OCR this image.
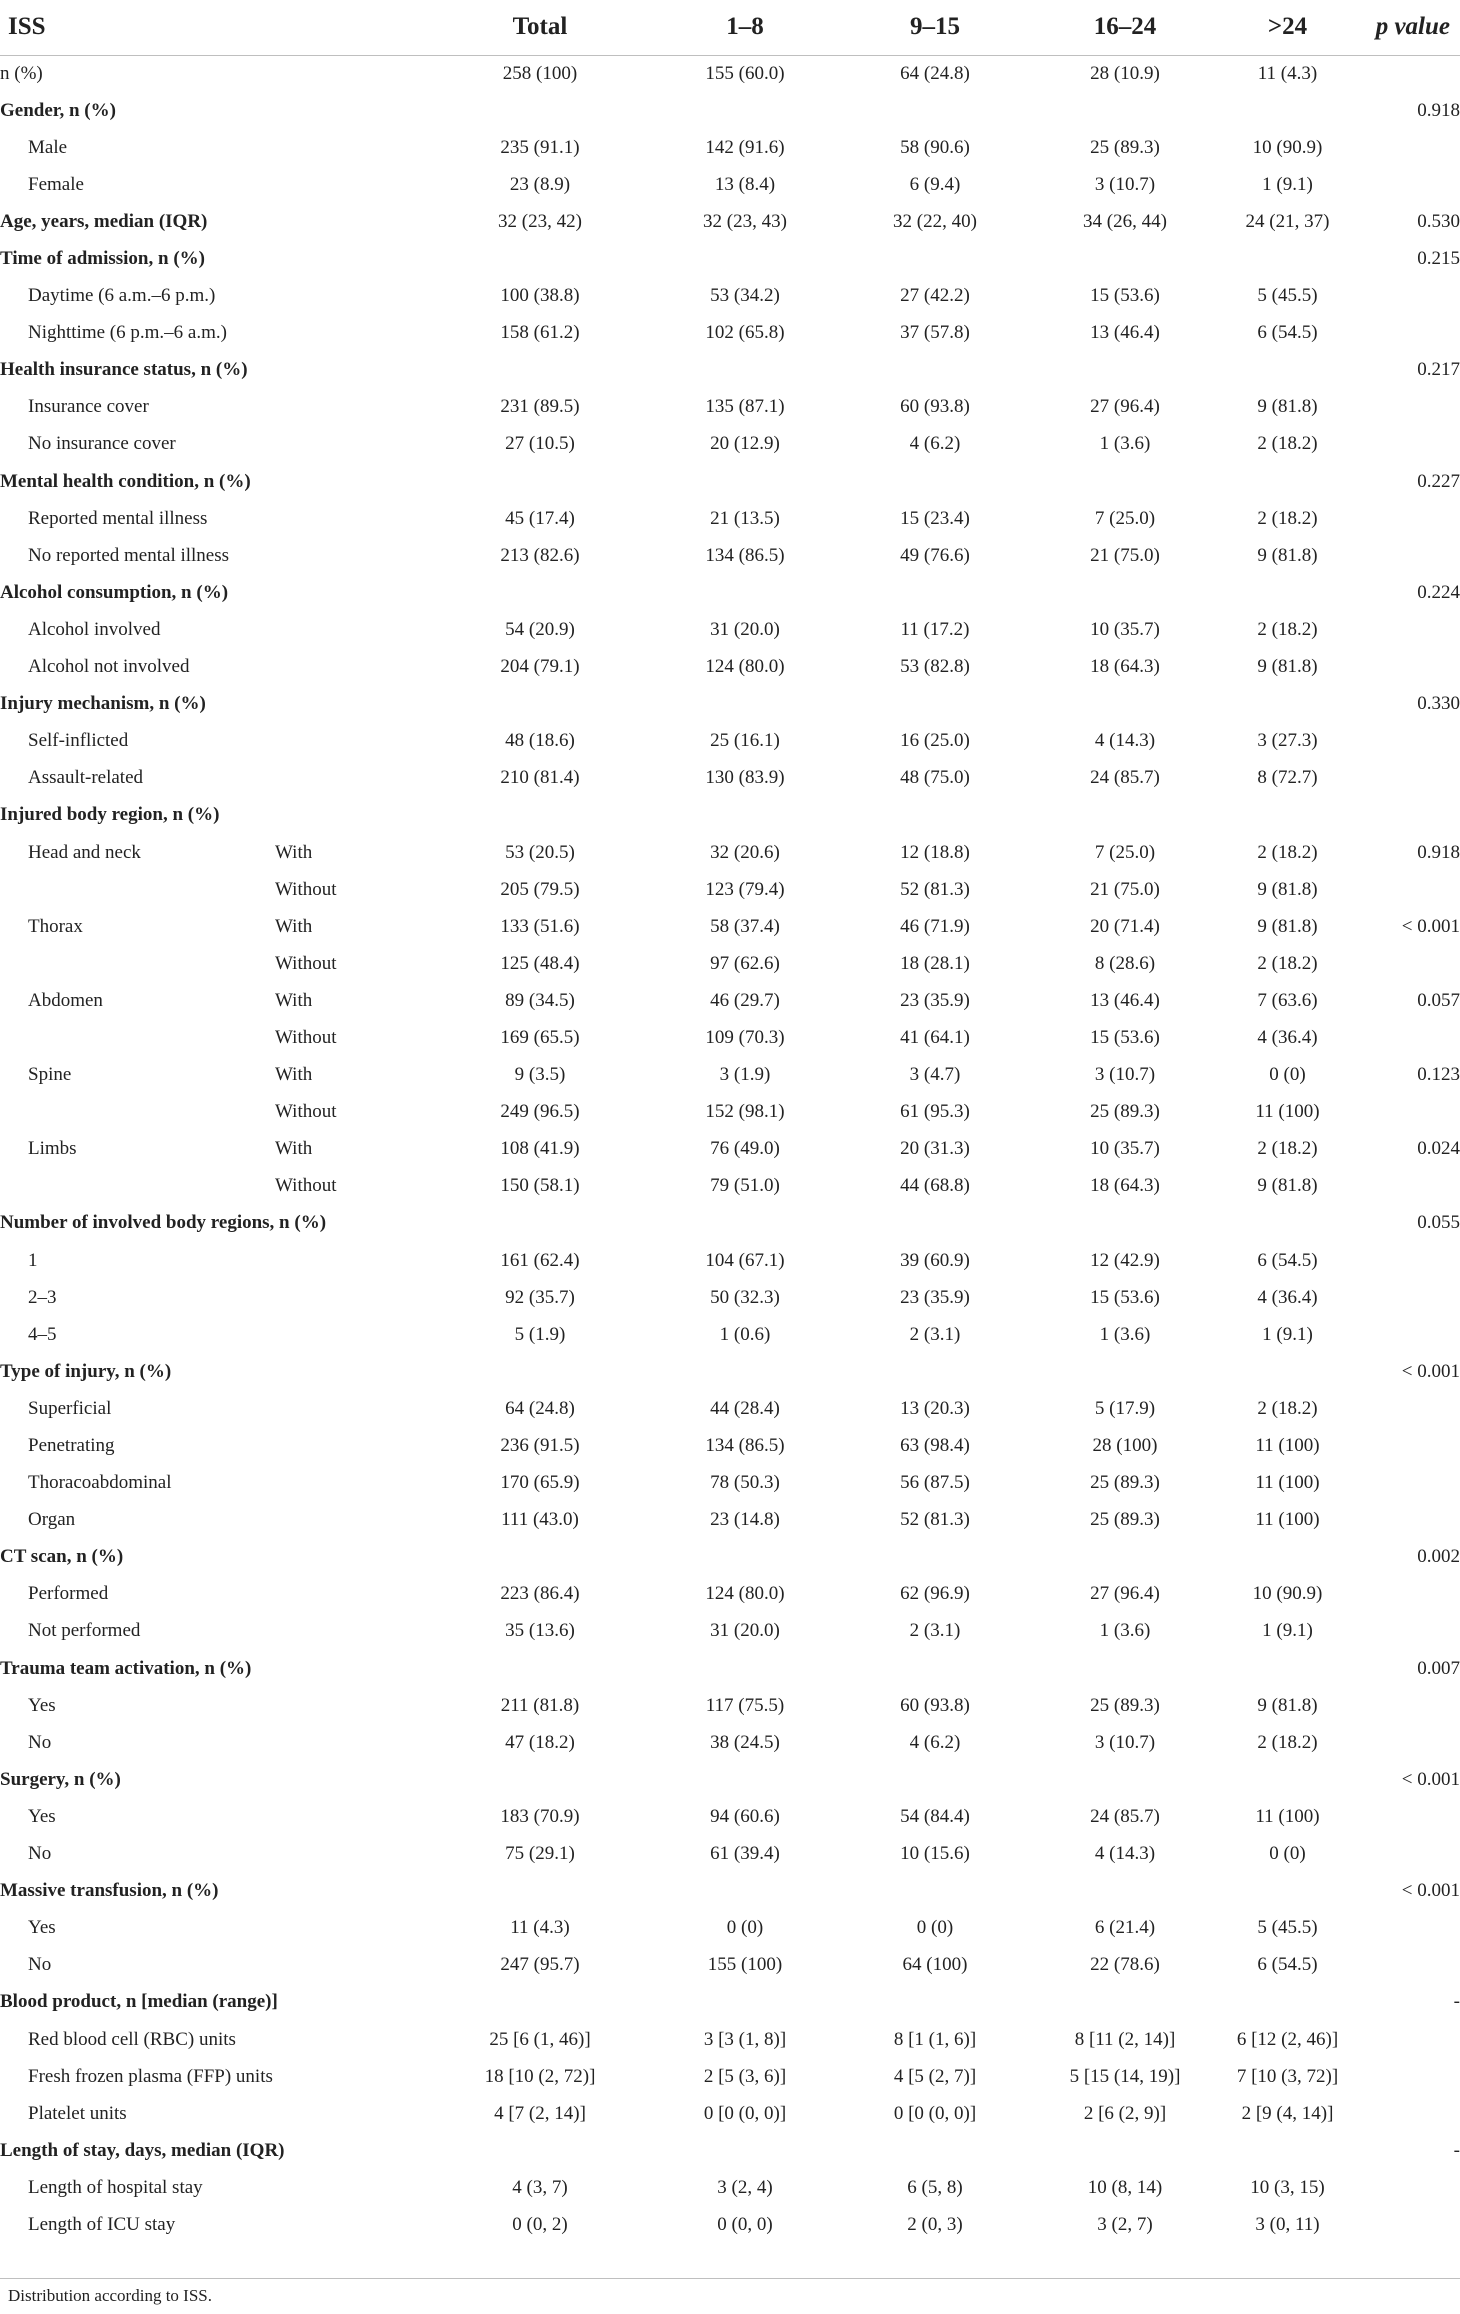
ISS		Total	1–8	9–15	16–24	>24	p value
n (%)		258 (100)	155 (60.0)	64 (24.8)	28 (10.9)	11 (4.3)	
Gender, n (%)							0.918
Male		235 (91.1)	142 (91.6)	58 (90.6)	25 (89.3)	10 (90.9)	
Female		23 (8.9)	13 (8.4)	6 (9.4)	3 (10.7)	1 (9.1)	
Age, years, median (IQR)		32 (23, 42)	32 (23, 43)	32 (22, 40)	34 (26, 44)	24 (21, 37)	0.530
Time of admission, n (%)							0.215
Daytime (6 a.m.–6 p.m.)		100 (38.8)	53 (34.2)	27 (42.2)	15 (53.6)	5 (45.5)	
Nighttime (6 p.m.–6 a.m.)		158 (61.2)	102 (65.8)	37 (57.8)	13 (46.4)	6 (54.5)	
Health insurance status, n (%)							0.217
Insurance cover		231 (89.5)	135 (87.1)	60 (93.8)	27 (96.4)	9 (81.8)	
No insurance cover		27 (10.5)	20 (12.9)	4 (6.2)	1 (3.6)	2 (18.2)	
Mental health condition, n (%)							0.227
Reported mental illness		45 (17.4)	21 (13.5)	15 (23.4)	7 (25.0)	2 (18.2)	
No reported mental illness		213 (82.6)	134 (86.5)	49 (76.6)	21 (75.0)	9 (81.8)	
Alcohol consumption, n (%)							0.224
Alcohol involved		54 (20.9)	31 (20.0)	11 (17.2)	10 (35.7)	2 (18.2)	
Alcohol not involved		204 (79.1)	124 (80.0)	53 (82.8)	18 (64.3)	9 (81.8)	
Injury mechanism, n (%)							0.330
Self-inflicted		48 (18.6)	25 (16.1)	16 (25.0)	4 (14.3)	3 (27.3)	
Assault-related		210 (81.4)	130 (83.9)	48 (75.0)	24 (85.7)	8 (72.7)	
Injured body region, n (%)							
Head and neck	With	53 (20.5)	32 (20.6)	12 (18.8)	7 (25.0)	2 (18.2)	0.918
	Without	205 (79.5)	123 (79.4)	52 (81.3)	21 (75.0)	9 (81.8)	
Thorax	With	133 (51.6)	58 (37.4)	46 (71.9)	20 (71.4)	9 (81.8)	< 0.001
	Without	125 (48.4)	97 (62.6)	18 (28.1)	8 (28.6)	2 (18.2)	
Abdomen	With	89 (34.5)	46 (29.7)	23 (35.9)	13 (46.4)	7 (63.6)	0.057
	Without	169 (65.5)	109 (70.3)	41 (64.1)	15 (53.6)	4 (36.4)	
Spine	With	9 (3.5)	3 (1.9)	3 (4.7)	3 (10.7)	0 (0)	0.123
	Without	249 (96.5)	152 (98.1)	61 (95.3)	25 (89.3)	11 (100)	
Limbs	With	108 (41.9)	76 (49.0)	20 (31.3)	10 (35.7)	2 (18.2)	0.024
	Without	150 (58.1)	79 (51.0)	44 (68.8)	18 (64.3)	9 (81.8)	
Number of involved body regions, n (%)							0.055
1		161 (62.4)	104 (67.1)	39 (60.9)	12 (42.9)	6 (54.5)	
2–3		92 (35.7)	50 (32.3)	23 (35.9)	15 (53.6)	4 (36.4)	
4–5		5 (1.9)	1 (0.6)	2 (3.1)	1 (3.6)	1 (9.1)	
Type of injury, n (%)							< 0.001
Superficial		64 (24.8)	44 (28.4)	13 (20.3)	5 (17.9)	2 (18.2)	
Penetrating		236 (91.5)	134 (86.5)	63 (98.4)	28 (100)	11 (100)	
Thoracoabdominal		170 (65.9)	78 (50.3)	56 (87.5)	25 (89.3)	11 (100)	
Organ		111 (43.0)	23 (14.8)	52 (81.3)	25 (89.3)	11 (100)	
CT scan, n (%)							0.002
Performed		223 (86.4)	124 (80.0)	62 (96.9)	27 (96.4)	10 (90.9)	
Not performed		35 (13.6)	31 (20.0)	2 (3.1)	1 (3.6)	1 (9.1)	
Trauma team activation, n (%)							0.007
Yes		211 (81.8)	117 (75.5)	60 (93.8)	25 (89.3)	9 (81.8)	
No		47 (18.2)	38 (24.5)	4 (6.2)	3 (10.7)	2 (18.2)	
Surgery, n (%)							< 0.001
Yes		183 (70.9)	94 (60.6)	54 (84.4)	24 (85.7)	11 (100)	
No		75 (29.1)	61 (39.4)	10 (15.6)	4 (14.3)	0 (0)	
Massive transfusion, n (%)							< 0.001
Yes		11 (4.3)	0 (0)	0 (0)	6 (21.4)	5 (45.5)	
No		247 (95.7)	155 (100)	64 (100)	22 (78.6)	6 (54.5)	
Blood product, n [median (range)]							-
Red blood cell (RBC) units		25 [6 (1, 46)]	3 [3 (1, 8)]	8 [1 (1, 6)]	8 [11 (2, 14)]	6 [12 (2, 46)]	
Fresh frozen plasma (FFP) units		18 [10 (2, 72)]	2 [5 (3, 6)]	4 [5 (2, 7)]	5 [15 (14, 19)]	7 [10 (3, 72)]	
Platelet units		4 [7 (2, 14)]	0 [0 (0, 0)]	0 [0 (0, 0)]	2 [6 (2, 9)]	2 [9 (4, 14)]	
Length of stay, days, median (IQR)							-
Length of hospital stay		4 (3, 7)	3 (2, 4)	6 (5, 8)	10 (8, 14)	10 (3, 15)	
Length of ICU stay		0 (0, 2)	0 (0, 0)	2 (0, 3)	3 (2, 7)	3 (0, 11)	
Distribution according to ISS.
